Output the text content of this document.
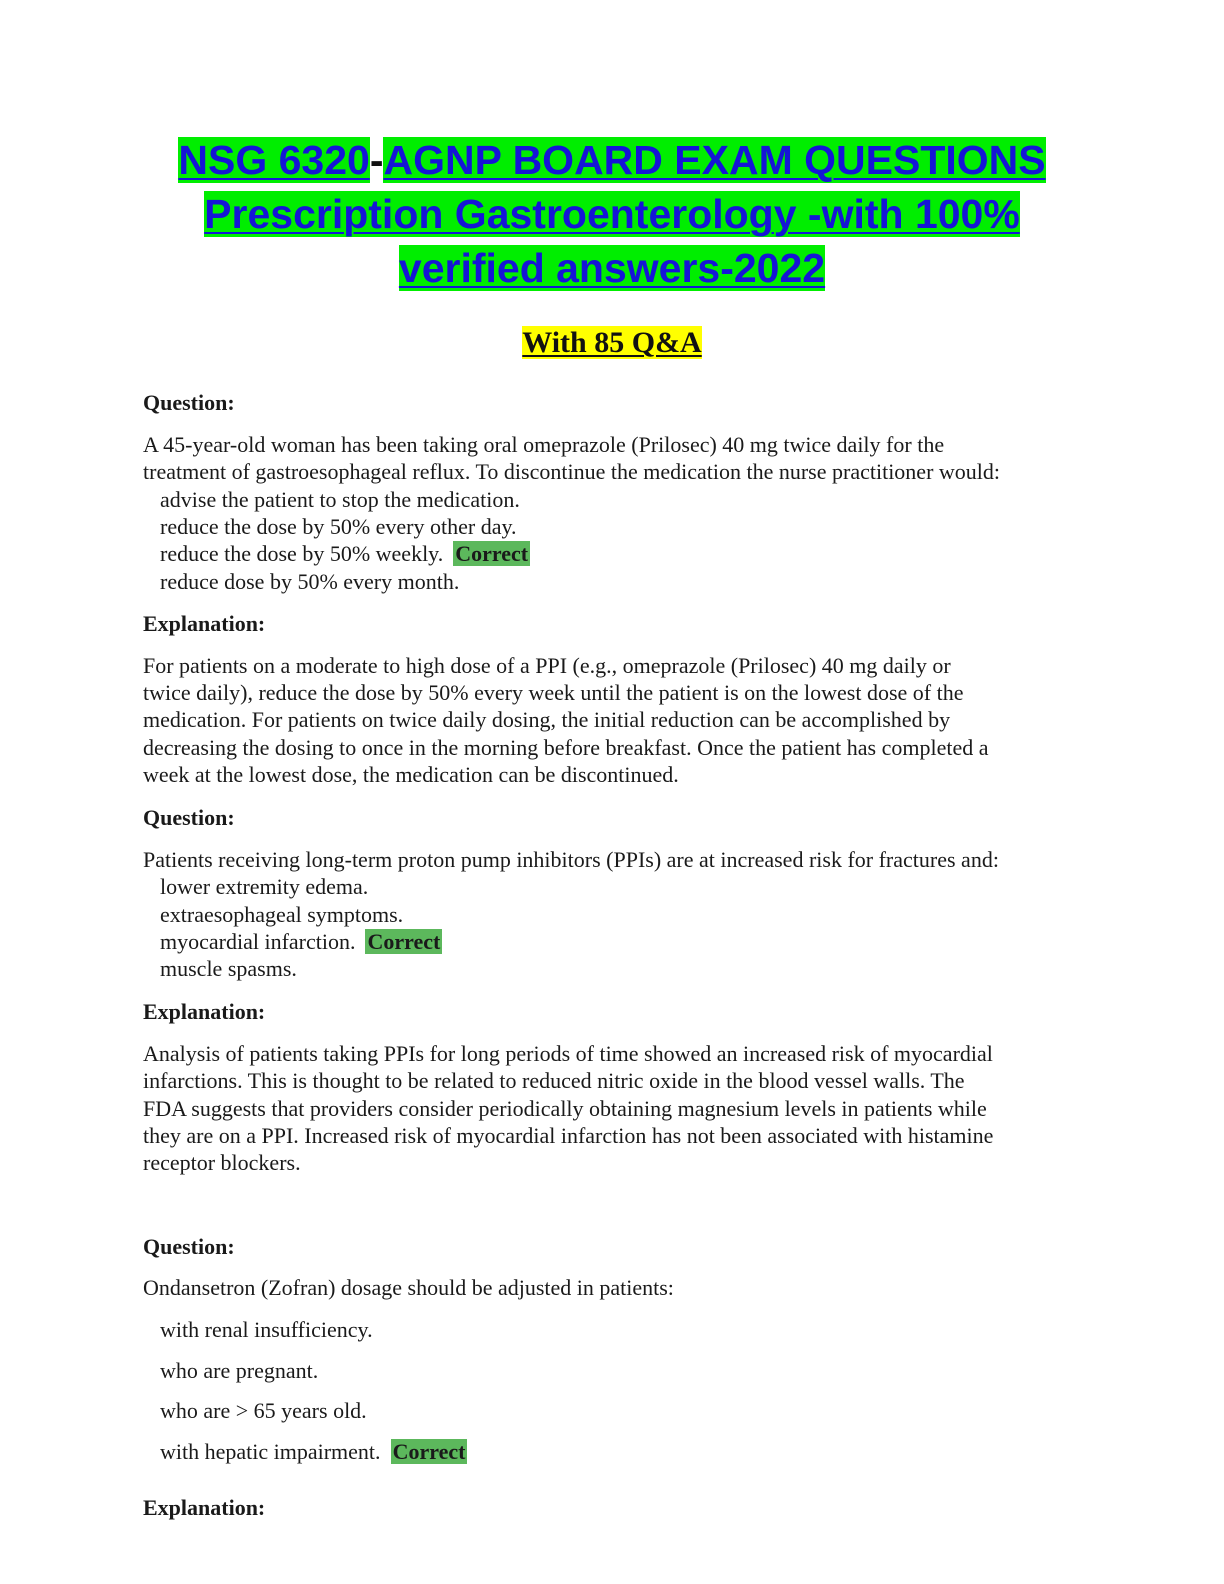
NSG 6320-AGNP BOARD EXAM QUESTIONS
Prescription Gastroenterology -with 100%
verified answers-2022
With 85 Q&A
Question:
A 45-year-old woman has been taking oral omeprazole (Prilosec) 40 mg twice daily for the
treatment of gastroesophageal reflux. To discontinue the medication the nurse practitioner would:
advise the patient to stop the medication.
reduce the dose by 50% every other day.
reduce the dose by 50% weekly. Correct
reduce dose by 50% every month.
Explanation:
For patients on a moderate to high dose of a PPI (e.g., omeprazole (Prilosec) 40 mg daily or
twice daily), reduce the dose by 50% every week until the patient is on the lowest dose of the
medication. For patients on twice daily dosing, the initial reduction can be accomplished by
decreasing the dosing to once in the morning before breakfast. Once the patient has completed a
week at the lowest dose, the medication can be discontinued.
Question:
Patients receiving long-term proton pump inhibitors (PPIs) are at increased risk for fractures and:
lower extremity edema.
extraesophageal symptoms.
myocardial infarction. Correct
muscle spasms.
Explanation:
Analysis of patients taking PPIs for long periods of time showed an increased risk of myocardial
infarctions. This is thought to be related to reduced nitric oxide in the blood vessel walls. The
FDA suggests that providers consider periodically obtaining magnesium levels in patients while
they are on a PPI. Increased risk of myocardial infarction has not been associated with histamine
receptor blockers.
Question:
Ondansetron (Zofran) dosage should be adjusted in patients:
with renal insufficiency.
who are pregnant.
who are > 65 years old.
with hepatic impairment. Correct
Explanation:
